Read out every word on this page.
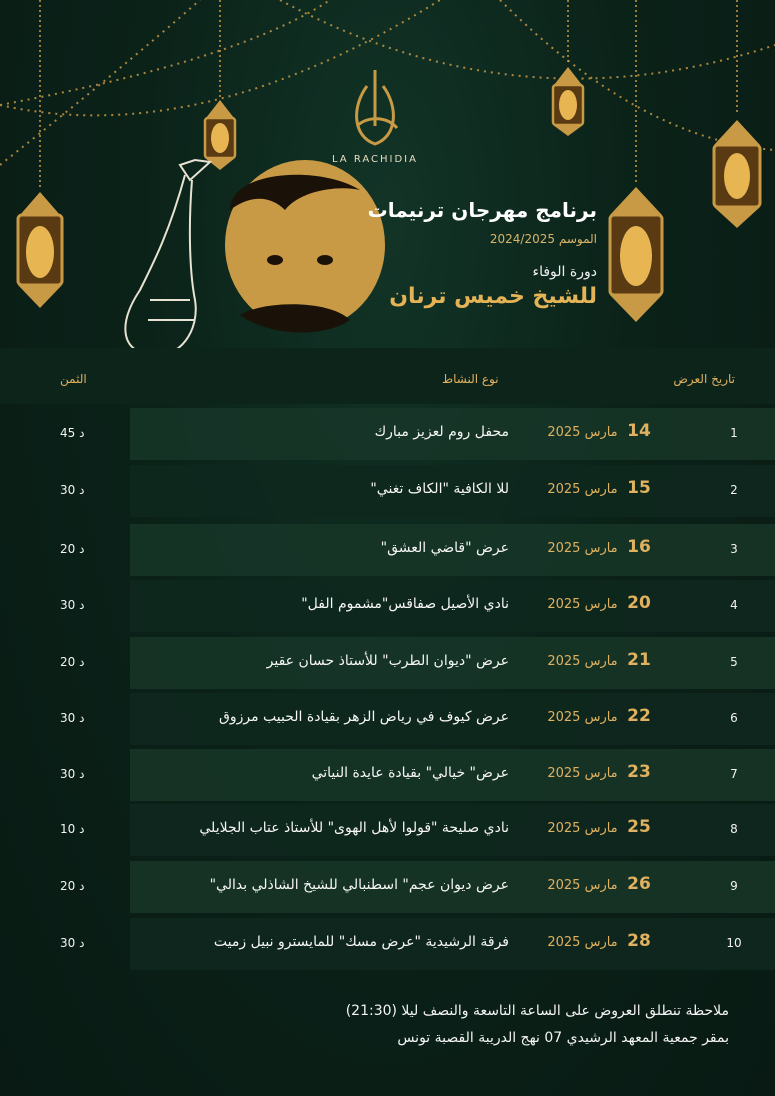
LA RACHIDIA
برنامج مهرجان ترنيمات
الموسم 2024/2025
دورة الوفاء
للشيخ خميس ترنان
تاريخ العرض
نوع النشاط
الثمن
1
14
مارس 2025
محفل روم لعزيز مبارك
45 د
2
15
مارس 2025
للا الكافية "الكاف تغني"
30 د
3
16
مارس 2025
عرض "قاضي العشق"
20 د
4
20
مارس 2025
نادي الأصيل صفاقس"مشموم الفل"
30 د
5
21
مارس 2025
عرض "ديوان الطرب" للأستاذ حسان عقير
20 د
6
22
مارس 2025
عرض كيوف في رياض الزهر بقيادة الحبيب مرزوق
30 د
7
23
مارس 2025
عرض" خيالي" بقيادة عايدة النياتي
30 د
8
25
مارس 2025
نادي صليحة "قولوا لأهل الهوى" للأستاذ عتاب الجلايلي
10 د
9
26
مارس 2025
عرض ديوان عجم" اسطنبالي للشيخ الشاذلي بدالي"
20 د
10
28
مارس 2025
فرقة الرشيدية "عرض مسك" للمايسترو نبيل زميت
30 د
ملاحظة تنطلق العروض على الساعة التاسعة والنصف ليلا (21:30)
بمقر جمعية المعهد الرشيدي 07 نهج الدريبة القصبة تونس
